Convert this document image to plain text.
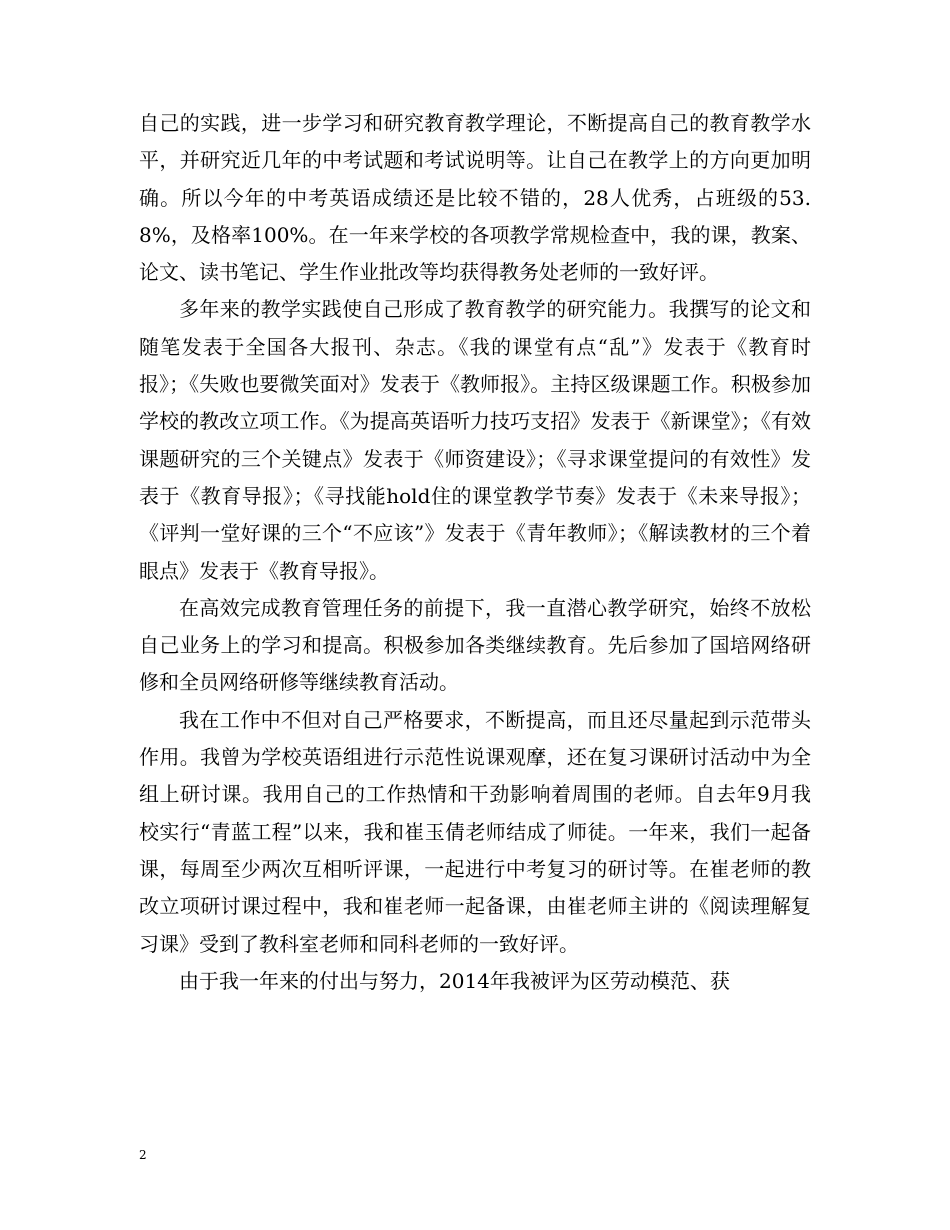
自己的实践，进一步学习和研究教育教学理论，不断提高自己的教育教学水平，并研究近几年的中考试题和考试说明等。让自己在教学上的方向更加明确。所以今年的中考英语成绩还是比较不错的，28人优秀，占班级的53.8%，及格率100%。在一年来学校的各项教学常规检查中，我的课，教案、论文、读书笔记、学生作业批改等均获得教务处老师的一致好评。

多年来的教学实践使自己形成了教育教学的研究能力。我撰写的论文和随笔发表于全国各大报刊、杂志。《我的课堂有点“乱”》发表于《教育时报》；《失败也要微笑面对》发表于《教师报》。主持区级课题工作。积极参加学校的教改立项工作。《为提高英语听力技巧支招》发表于《新课堂》；《有效课题研究的三个关键点》发表于《师资建设》；《寻求课堂提问的有效性》发表于《教育导报》；《寻找能hold住的课堂教学节奏》发表于《未来导报》；《评判一堂好课的三个“不应该”》发表于《青年教师》；《解读教材的三个着眼点》发表于《教育导报》。

在高效完成教育管理任务的前提下，我一直潜心教学研究，始终不放松自己业务上的学习和提高。积极参加各类继续教育。先后参加了国培网络研修和全员网络研修等继续教育活动。

我在工作中不但对自己严格要求，不断提高，而且还尽量起到示范带头作用。我曾为学校英语组进行示范性说课观摩，还在复习课研讨活动中为全组上研讨课。我用自己的工作热情和干劲影响着周围的老师。自去年9月我校实行“青蓝工程”以来，我和崔玉倩老师结成了师徒。一年来，我们一起备课，每周至少两次互相听评课，一起进行中考复习的研讨等。在崔老师的教改立项研讨课过程中，我和崔老师一起备课，由崔老师主讲的《阅读理解复习课》受到了教科室老师和同科老师的一致好评。

由于我一年来的付出与努力，2014年我被评为区劳动模范、获

2
